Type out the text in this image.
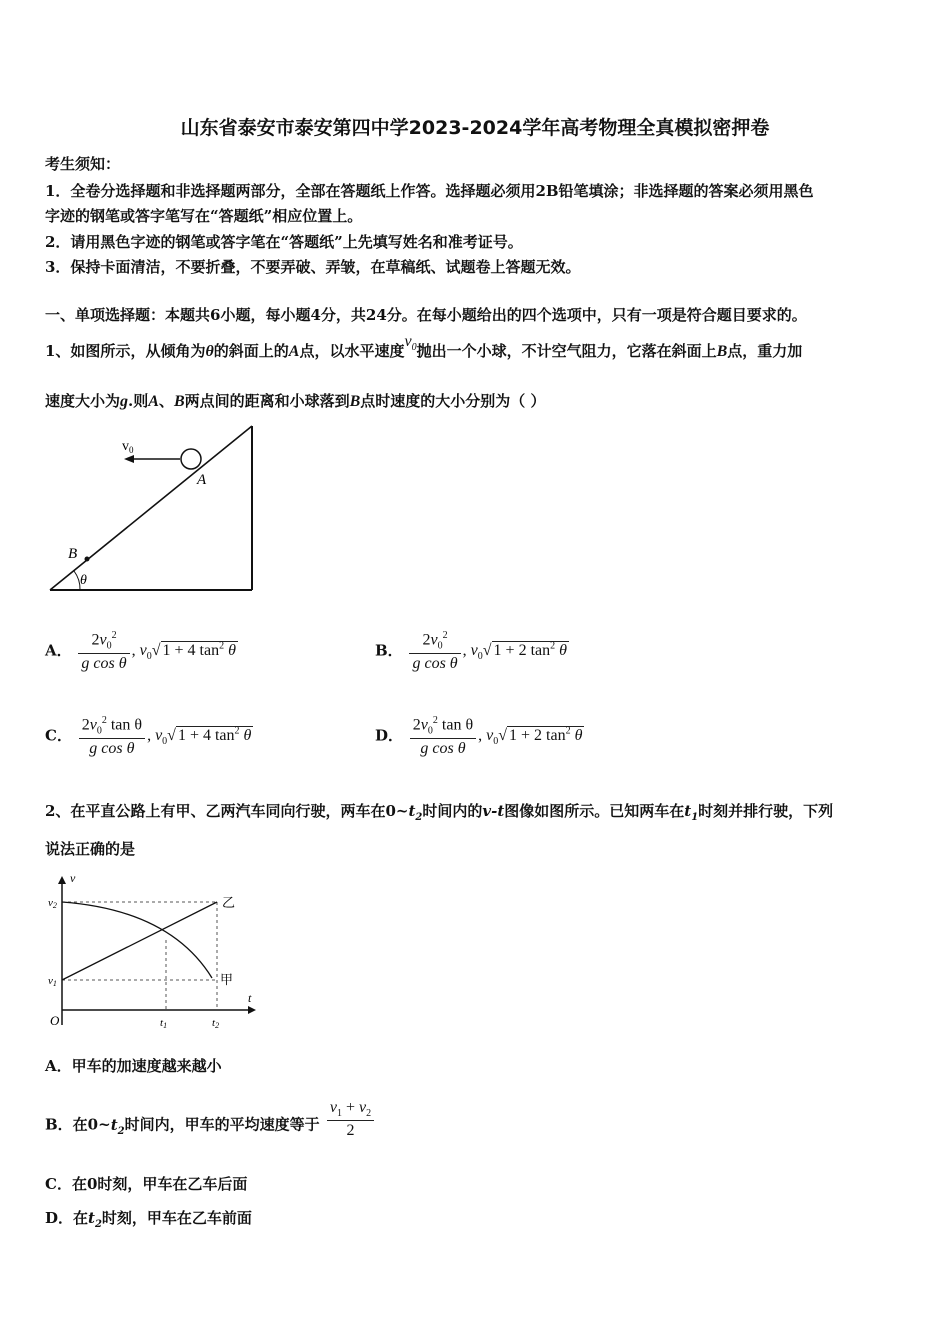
山东省泰安市泰安第四中学2023-2024学年高考物理全真模拟密押卷
考生须知：
1．全卷分选择题和非选择题两部分，全部在答题纸上作答。选择题必须用2B铅笔填涂；非选择题的答案必须用黑色
字迹的钢笔或答字笔写在“答题纸”相应位置上。
2．请用黑色字迹的钢笔或答字笔在“答题纸”上先填写姓名和准考证号。
3．保持卡面清洁，不要折叠，不要弄破、弄皱，在草稿纸、试题卷上答题无效。
一、单项选择题：本题共6小题，每小题4分，共24分。在每小题给出的四个选项中，只有一项是符合题目要求的。
1、如图所示，从倾角为θ的斜面上的A点，以水平速度$v_0$抛出一个小球，不计空气阻力，它落在斜面上B点，重力加
速度大小为g.则A、B两点间的距离和小球落到B点时速度的大小分别为（ ）
$v_0$
A
B
θ
A． $\frac{2v_0^2}{\text{g cos θ}}$ , $v_0√$ 1 + 4 $\tan^2 \theta$	B． $\frac{2v_0^2}{\text{g cos θ}}$ , $v_0√$ 1 + 2 $\tan^2 \theta$
C． $\frac{2v_0^2 \tan \theta}{\text{g cos θ}}$ , $v_0√$ 1 + 4 $\tan^2 \theta$	D． $\frac{2v_0^2 \tan \theta}{\text{g cos θ}}$ , $v_0√$ 1 + 2 $\tan^2 \theta$
2、在平直公路上有甲、乙两汽车同向行驶，两车在$0\sim t_2$时间内的v-t图像如图所示。已知两车在$t_1$时刻并排行驶，下列
说法正确的是
v
t
O
v2
v1
t1	t2
乙
甲
A．甲车的加速度越来越小
B．在$0\sim t_2$时间内，甲车的平均速度等于 $\frac{v_1 + v_2}{2}$
C．在0时刻，甲车在乙车后面
D．在$t_2$时刻，甲车在乙车前面
